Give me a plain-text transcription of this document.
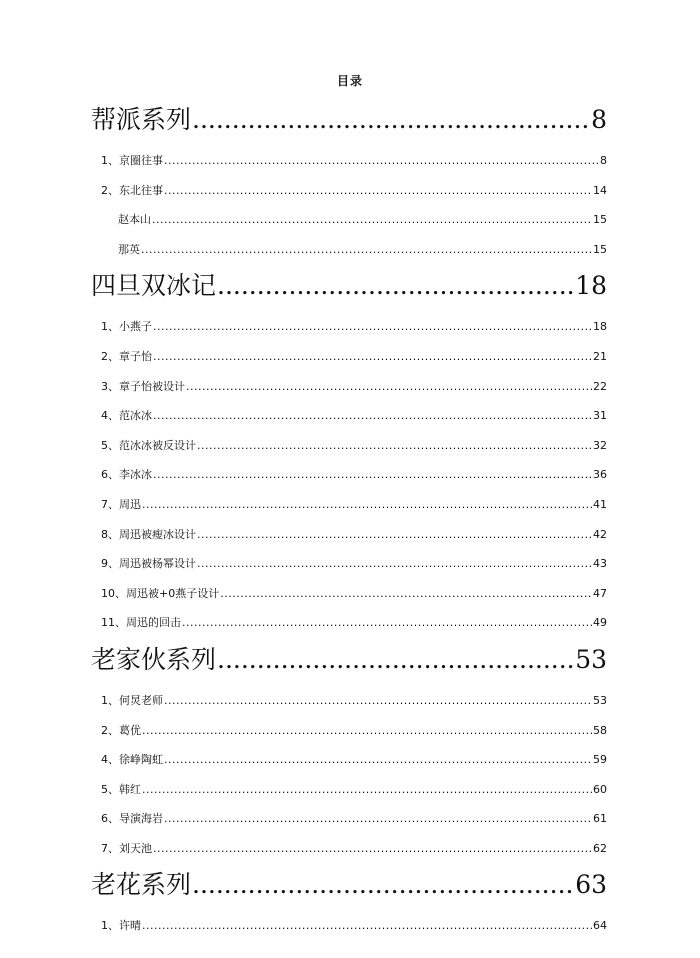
目录
帮派系列 .....	8
1、京圈往事 .....	8
2、东北往事 .....	14
赵本山 .....	15
那英 .....	15
四旦双冰记 .....	18
1、小燕子 .....	18
2、章子怡 .....	21
3、章子怡被设计 .....	22
4、范冰冰 .....	31
5、范冰冰被反设计 .....	32
6、李冰冰 .....	36
7、周迅 .....	41
8、周迅被瘦冰设计 .....	42
9、周迅被杨幂设计 .....	43
10、周迅被+0燕子设计 .....	47
11、周迅的回击 .....	49
老家伙系列 .....	53
1、何炅老师 .....	53
2、葛优 .....	58
4、徐峥陶虹 .....	59
5、韩红 .....	60
6、导演海岩 .....	61
7、刘天池 .....	62
老花系列 .....	63
1、许晴 .....	64
